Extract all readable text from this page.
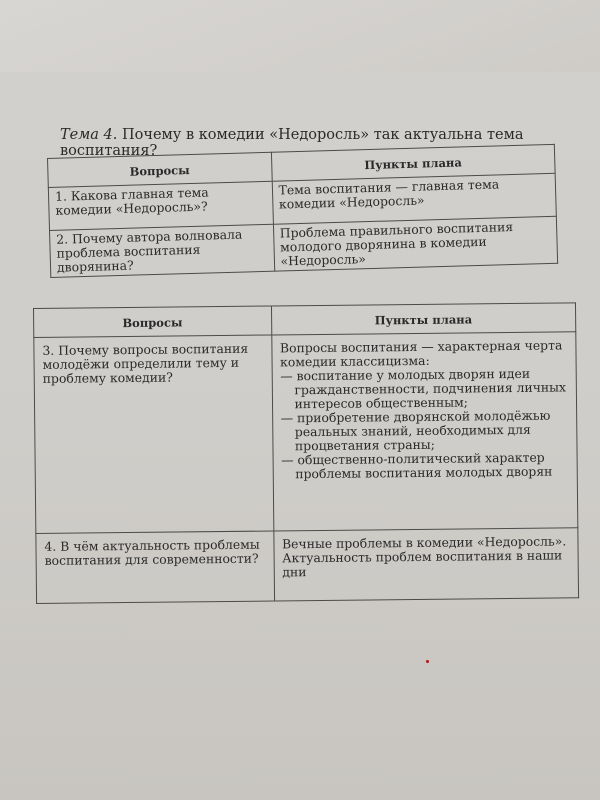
Тема 4. Почему в комедии «Недоросль» так актуальна тема воспитания?
Вопросы	Пункты плана
1. Какова главная тема комедии «Недоросль»?	Тема воспитания — главная тема комедии «Недоросль»
2. Почему автора волновала проблема воспитания дворянина?	Проблема правильного воспитания молодого дворянина в комедии «Недоросль»
Вопросы	Пункты плана
3. Почему вопросы воспитания молодёжи определили тему и проблему комедии?	Вопросы воспитания — характерная черта комедии классицизма:
— воспитание у молодых дворян идеи гражданственности, подчинения личных интересов общественным;
— приобретение дворянской молодёжью реальных знаний, необходимых для процветания страны;
— общественно-политический характер проблемы воспитания молодых дворян

4. В чём актуальность проблемы воспитания для современности?	Вечные проблемы в комедии «Недоросль».
Актуальность проблем воспитания в наши дни
